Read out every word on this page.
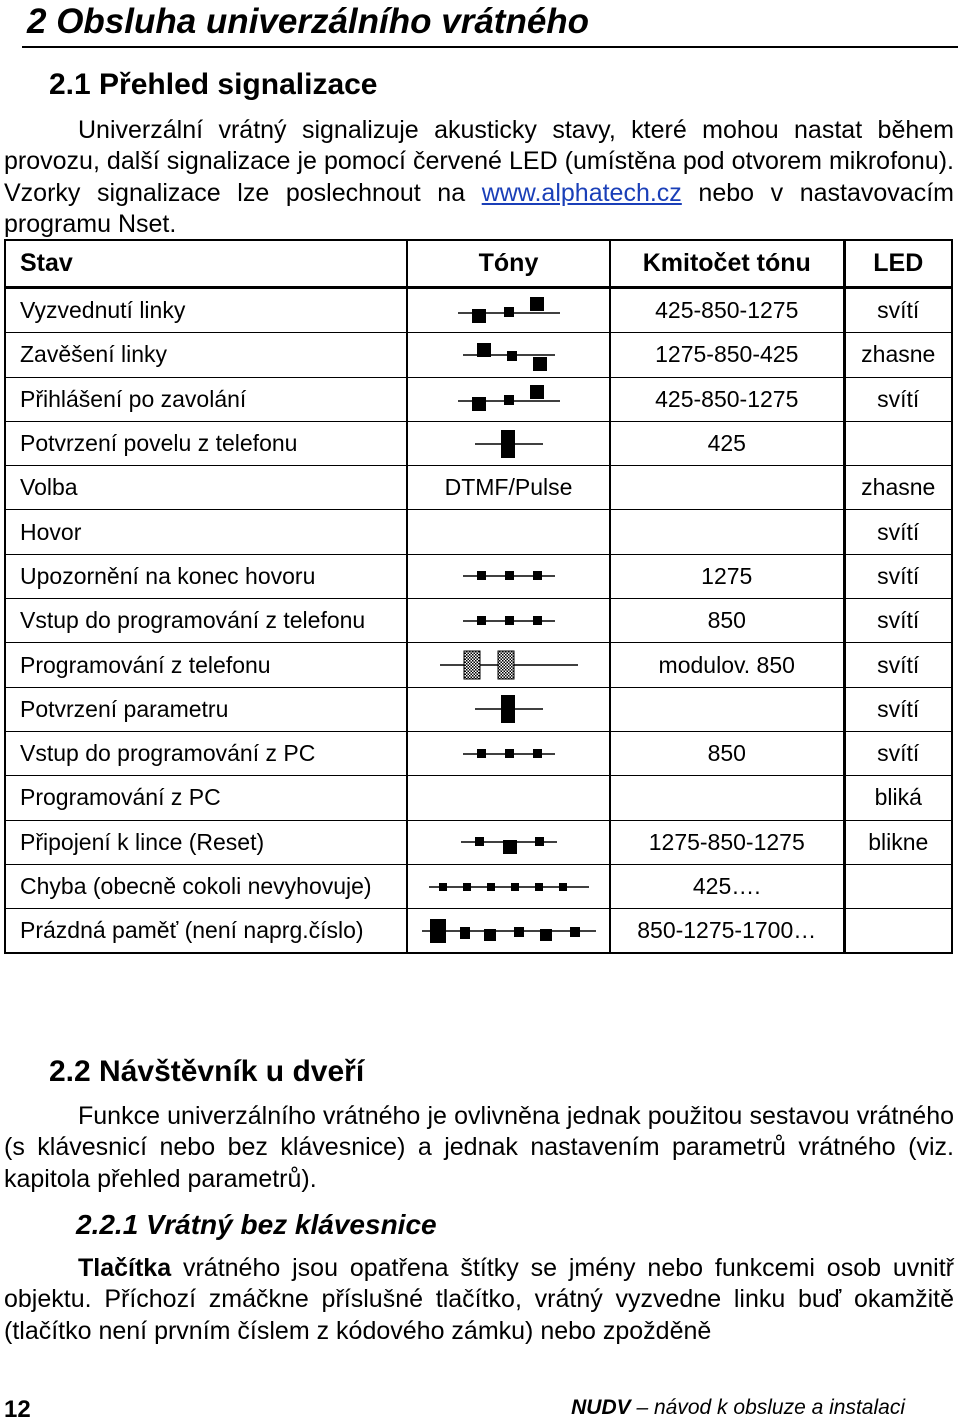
2 Obsluha univerzálního vrátného
2.1 Přehled signalizace

Univerzální vrátný signalizuje akusticky stavy, které mohou nastat během provozu, další signalizace je pomocí červené LED (umístěna pod otvorem mikrofonu). Vzorky signalizace lze poslechnout na www.alphatech.cz nebo v nastavovacím programu Nset.

Stav	Tóny	Kmitočet tónu	LED
Vyzvednutí linky		425-850-1275	svítí
Zavěšení linky		1275-850-425	zhasne
Přihlášení po zavolání		425-850-1275	svítí
Potvrzení povelu z telefonu		425	
Volba	DTMF/Pulse		zhasne
Hovor			svítí
Upozornění na konec hovoru		1275	svítí
Vstup do programování z telefonu		850	svítí
Programování z telefonu		modulov. 850	svítí
Potvrzení parametru			svítí
Vstup do programování z PC		850	svítí
Programování z PC			bliká
Připojení k lince (Reset)		1275-850-1275	blikne
Chyba (obecně cokoli nevyhovuje)		425….	
Prázdná paměť (není naprg.číslo)		850-1275-1700…	
2.2 Návštěvník u dveří

Funkce univerzálního vrátného je ovlivněna jednak použitou sestavou vrátného (s klávesnicí nebo bez klávesnice) a jednak nastavením parametrů vrátného (viz. kapitola přehled parametrů).

2.2.1 Vrátný bez klávesnice

Tlačítka vrátného jsou opatřena štítky se jmény nebo funkcemi osob uvnitř objektu. Příchozí zmáčkne příslušné tlačítko, vrátný vyzvedne linku buď okamžitě (tlačítko není prvním číslem z kódového zámku) nebo zpožděně

12	NUDV – návod k obsluze a instalaci
